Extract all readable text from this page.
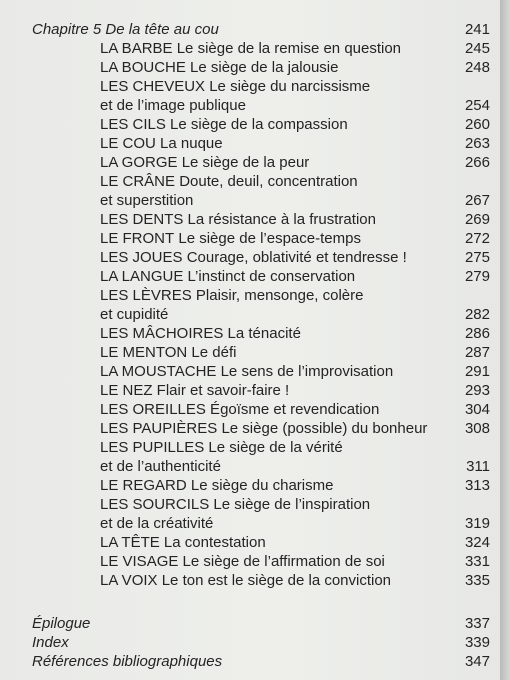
Chapitre 5 De la tête au cou	241
LA BARBE Le siège de la remise en question	245
LA BOUCHE Le siège de la jalousie	248
LES CHEVEUX Le siège du narcissisme
et de l’image publique	254
LES CILS Le siège de la compassion	260
LE COU La nuque	263
LA GORGE Le siège de la peur	266
LE CRÂNE Doute, deuil, concentration
et superstition	267
LES DENTS La résistance à la frustration	269
LE FRONT Le siège de l’espace-temps	272
LES JOUES Courage, oblativité et tendresse !	275
LA LANGUE L’instinct de conservation	279
LES LÈVRES Plaisir, mensonge, colère
et cupidité	282
LES MÂCHOIRES La ténacité	286
LE MENTON Le défi	287
LA MOUSTACHE Le sens de l’improvisation	291
LE NEZ Flair et savoir-faire !	293
LES OREILLES Égoïsme et revendication	304
LES PAUPIÈRES Le siège (possible) du bonheur	308
LES PUPILLES Le siège de la vérité
et de l’authenticité	311
LE REGARD Le siège du charisme	313
LES SOURCILS Le siège de l’inspiration
et de la créativité	319
LA TÊTE La contestation	324
LE VISAGE Le siège de l’affirmation de soi	331
LA VOIX Le ton est le siège de la conviction	335
Épilogue	337
Index	339
Références bibliographiques	347
